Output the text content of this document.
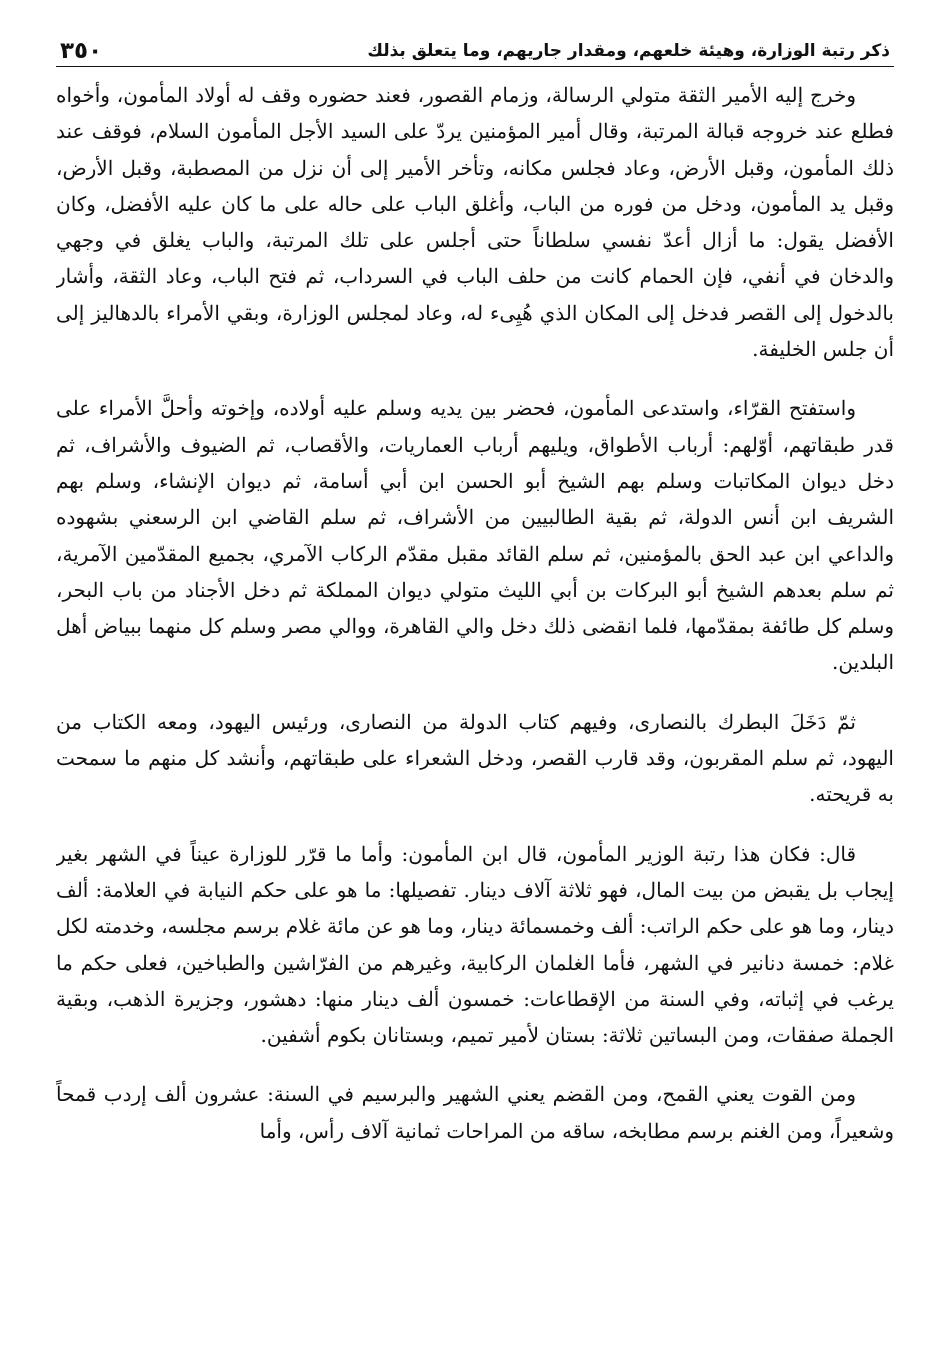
ذكر رتبة الوزارة، وهيئة خلعهم، ومقدار جاريهم، وما يتعلق بذلك
٣٥٠

وخرج إليه الأمير الثقة متولي الرسالة، وزمام القصور، فعند حضوره وقف له أولاد المأمون، وأخواه فطلع عند خروجه قبالة المرتبة، وقال أمير المؤمنين يردّ على السيد الأجل المأمون السلام، فوقف عند ذلك المأمون، وقبل الأرض، وعاد فجلس مكانه، وتأخر الأمير إلى أن نزل من المصطبة، وقبل الأرض، وقبل يد المأمون، ودخل من فوره من الباب، وأغلق الباب على حاله على ما كان عليه الأفضل، وكان الأفضل يقول: ما أزال أعدّ نفسي سلطاناً حتى أجلس على تلك المرتبة، والباب يغلق في وجهي والدخان في أنفي، فإن الحمام كانت من حلف الباب في السرداب، ثم فتح الباب، وعاد الثقة، وأشار بالدخول إلى القصر فدخل إلى المكان الذي هُيِىء له، وعاد لمجلس الوزارة، وبقي الأمراء بالدهاليز إلى أن جلس الخليفة.

واستفتح القرّاء، واستدعى المأمون، فحضر بين يديه وسلم عليه أولاده، وإخوته وأحلَّ الأمراء على قدر طبقاتهم، أوّلهم: أرباب الأطواق، ويليهم أرباب العماريات، والأقصاب، ثم الضيوف والأشراف، ثم دخل ديوان المكاتبات وسلم بهم الشيخ أبو الحسن ابن أبي أسامة، ثم ديوان الإنشاء، وسلم بهم الشريف ابن أنس الدولة، ثم بقية الطالبيين من الأشراف، ثم سلم القاضي ابن الرسعني بشهوده والداعي ابن عبد الحق بالمؤمنين، ثم سلم القائد مقبل مقدّم الركاب الآمري، بجميع المقدّمين الآمرية، ثم سلم بعدهم الشيخ أبو البركات بن أبي الليث متولي ديوان المملكة ثم دخل الأجناد من باب البحر، وسلم كل طائفة بمقدّمها، فلما انقضى ذلك دخل والي القاهرة، ووالي مصر وسلم كل منهما ببياض أهل البلدين.

ثمّ دَخَلَ البطرك بالنصارى، وفيهم كتاب الدولة من النصارى، ورئيس اليهود، ومعه الكتاب من اليهود، ثم سلم المقربون، وقد قارب القصر، ودخل الشعراء على طبقاتهم، وأنشد كل منهم ما سمحت به قريحته.

قال: فكان هذا رتبة الوزير المأمون، قال ابن المأمون: وأما ما قرّر للوزارة عيناً في الشهر بغير إيجاب بل يقبض من بيت المال، فهو ثلاثة آلاف دينار. تفصيلها: ما هو على حكم النيابة في العلامة: ألف دينار، وما هو على حكم الراتب: ألف وخمسمائة دينار، وما هو عن مائة غلام برسم مجلسه، وخدمته لكل غلام: خمسة دنانير في الشهر، فأما الغلمان الركابية، وغيرهم من الفرّاشين والطباخين، فعلى حكم ما يرغب في إثباته، وفي السنة من الإقطاعات: خمسون ألف دينار منها: دهشور، وجزيرة الذهب، وبقية الجملة صفقات، ومن البساتين ثلاثة: بستان لأمير تميم، وبستانان بكوم أشفين.

ومن القوت يعني القمح، ومن القضم يعني الشهير والبرسيم في السنة: عشرون ألف إردب قمحاً وشعيراً، ومن الغنم برسم مطابخه، ساقه من المراحات ثمانية آلاف رأس، وأما
